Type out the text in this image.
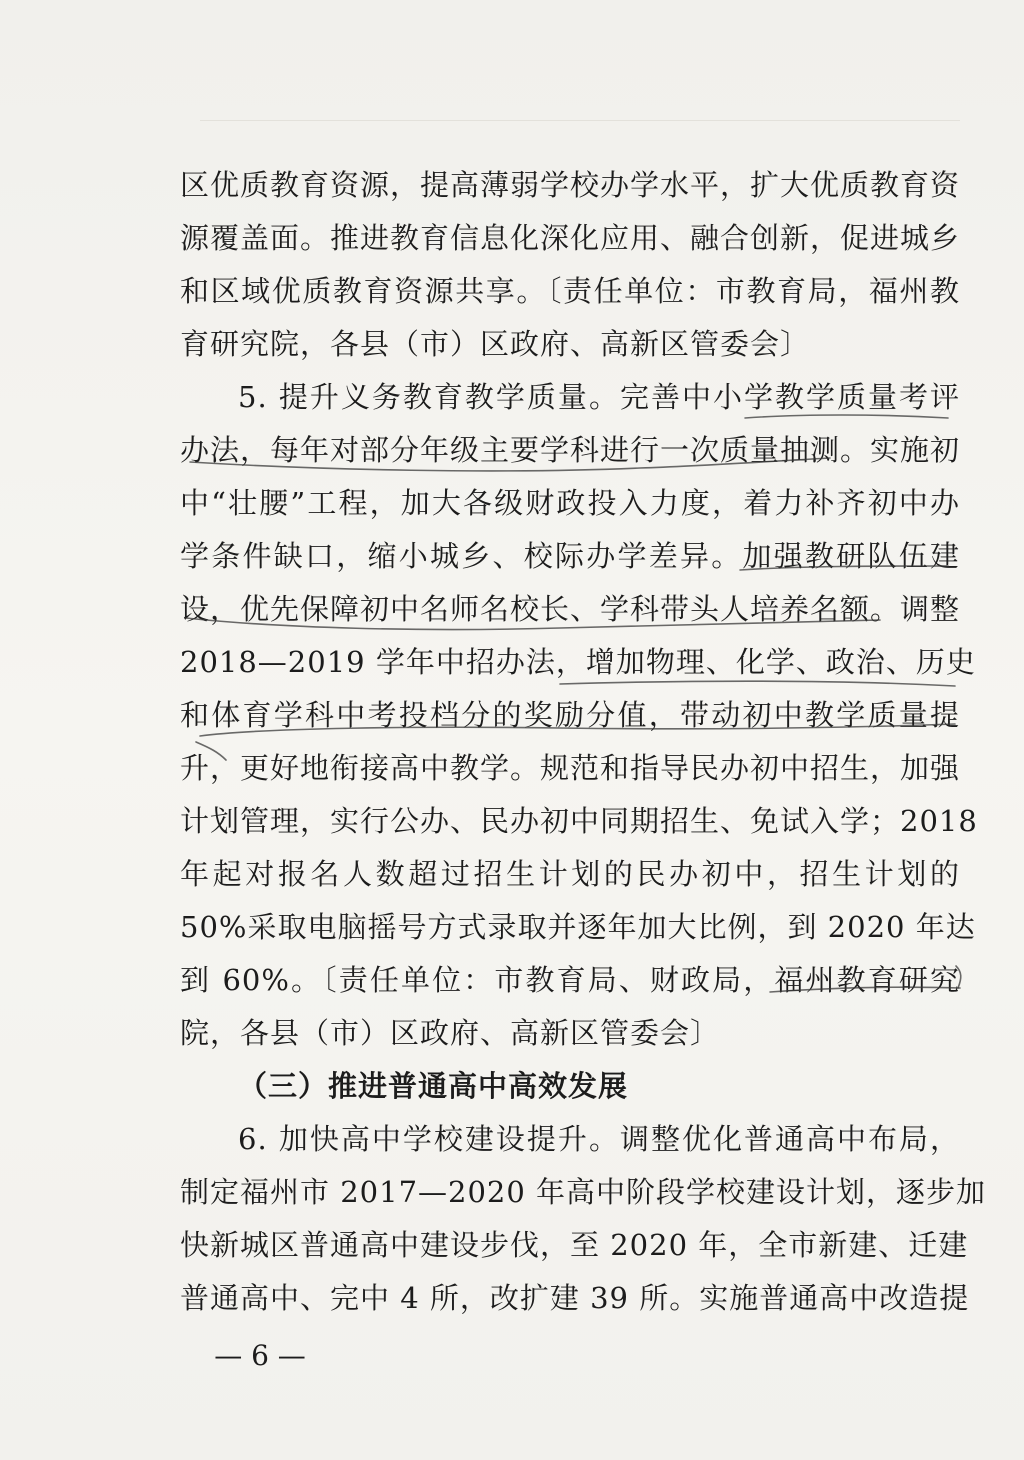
区优质教育资源，提高薄弱学校办学水平，扩大优质教育资
源覆盖面。推进教育信息化深化应用、融合创新，促进城乡
和区域优质教育资源共享。〔责任单位：市教育局，福州教
育研究院，各县（市）区政府、高新区管委会〕
5. 提升义务教育教学质量。完善中小学教学质量考评
办法，每年对部分年级主要学科进行一次质量抽测。实施初
中“壮腰”工程，加大各级财政投入力度，着力补齐初中办
学条件缺口，缩小城乡、校际办学差异。加强教研队伍建
设，优先保障初中名师名校长、学科带头人培养名额。调整
2018—2019 学年中招办法，增加物理、化学、政治、历史
和体育学科中考投档分的奖励分值，带动初中教学质量提
升，更好地衔接高中教学。规范和指导民办初中招生，加强
计划管理，实行公办、民办初中同期招生、免试入学；2018
年起对报名人数超过招生计划的民办初中，招生计划的
50%采取电脑摇号方式录取并逐年加大比例，到 2020 年达
到 60%。〔责任单位：市教育局、财政局，福州教育研究
院，各县（市）区政府、高新区管委会〕
（三）推进普通高中高效发展
6. 加快高中学校建设提升。调整优化普通高中布局，
制定福州市 2017—2020 年高中阶段学校建设计划，逐步加
快新城区普通高中建设步伐，至 2020 年，全市新建、迁建
普通高中、完中 4 所，改扩建 39 所。实施普通高中改造提
— 6 —
